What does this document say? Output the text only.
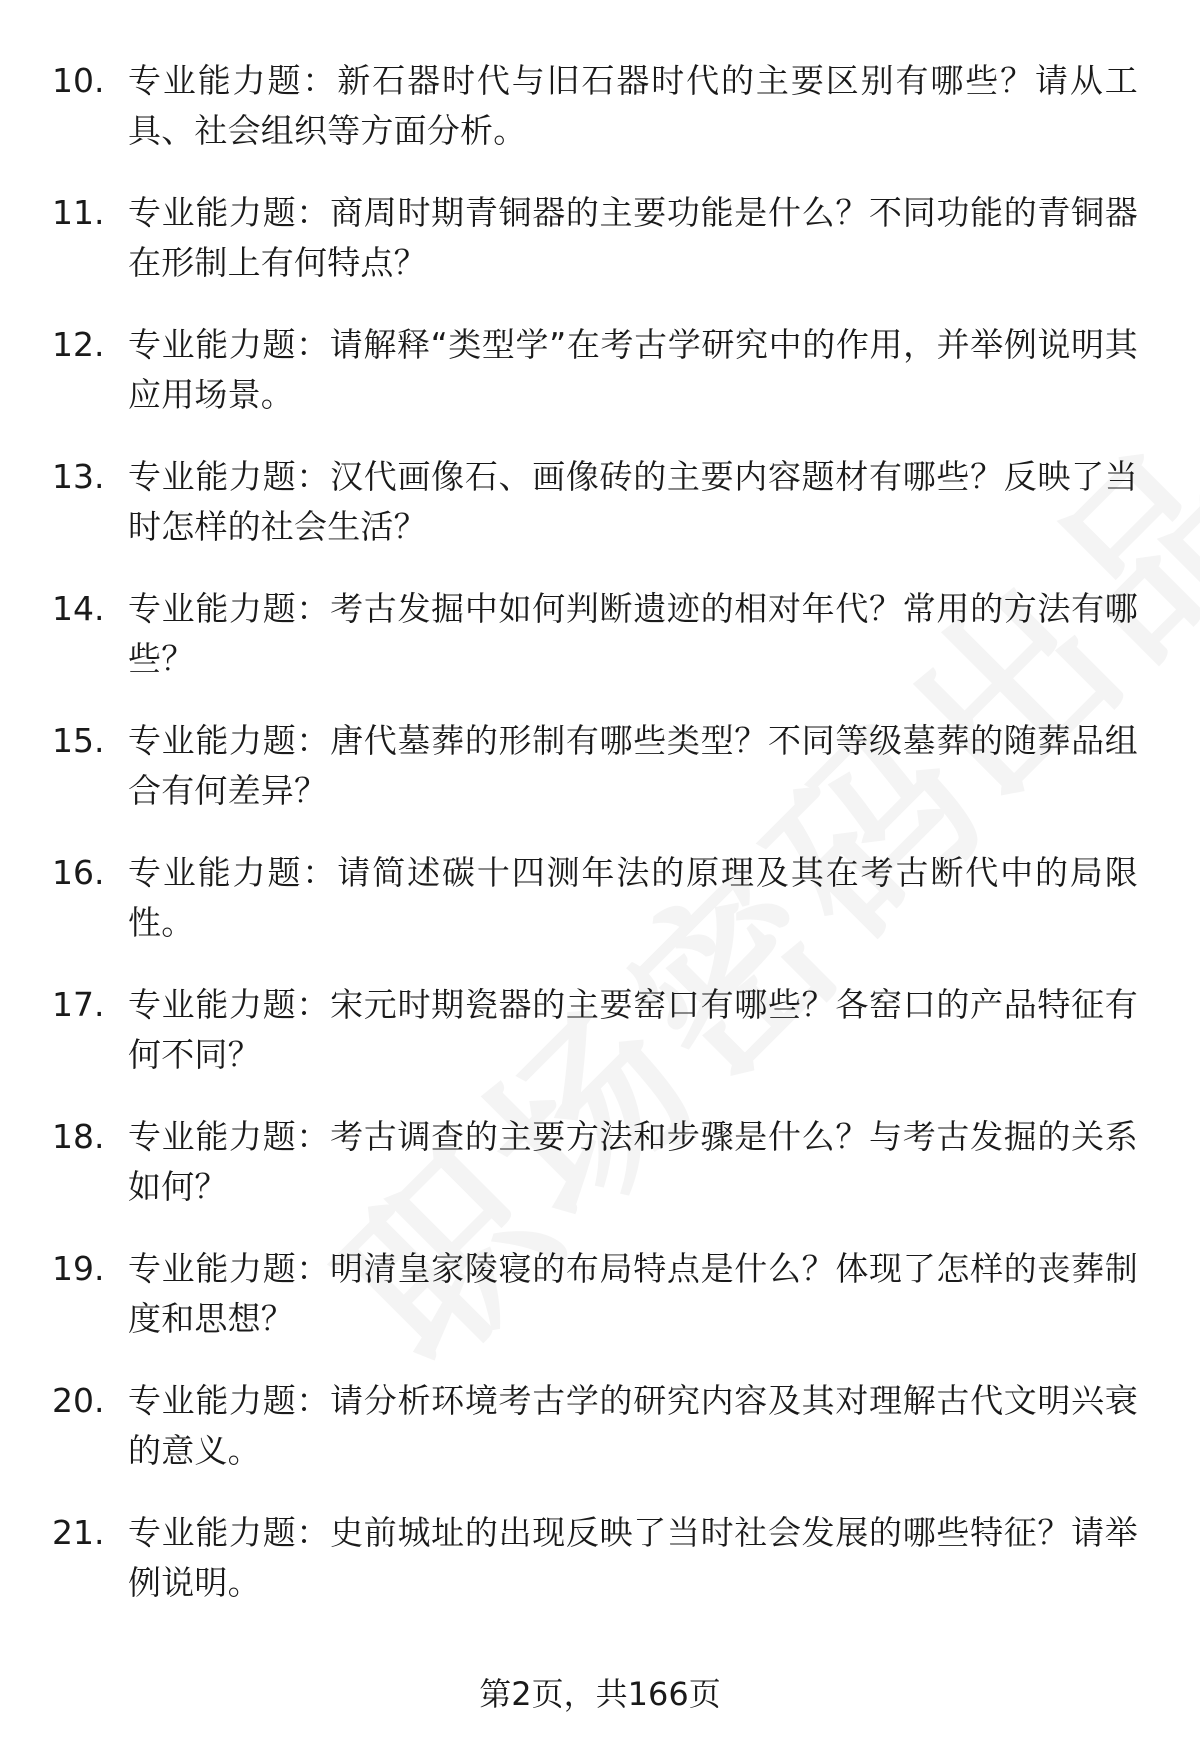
10. 专业能力题：新石器时代与旧石器时代的主要区别有哪些？请从工具、社会组织等方面分析。
11. 专业能力题：商周时期青铜器的主要功能是什么？不同功能的青铜器在形制上有何特点？
12. 专业能力题：请解释“类型学”在考古学研究中的作用，并举例说明其应用场景。
13. 专业能力题：汉代画像石、画像砖的主要内容题材有哪些？反映了当时怎样的社会生活？
14. 专业能力题：考古发掘中如何判断遗迹的相对年代？常用的方法有哪些？
15. 专业能力题：唐代墓葬的形制有哪些类型？不同等级墓葬的随葬品组合有何差异？
16. 专业能力题：请简述碳十四测年法的原理及其在考古断代中的局限性。
17. 专业能力题：宋元时期瓷器的主要窑口有哪些？各窑口的产品特征有何不同？
18. 专业能力题：考古调查的主要方法和步骤是什么？与考古发掘的关系如何？
19. 专业能力题：明清皇家陵寝的布局特点是什么？体现了怎样的丧葬制度和思想？
20. 专业能力题：请分析环境考古学的研究内容及其对理解古代文明兴衰的意义。
21. 专业能力题：史前城址的出现反映了当时社会发展的哪些特征？请举例说明。
第2页，共166页
